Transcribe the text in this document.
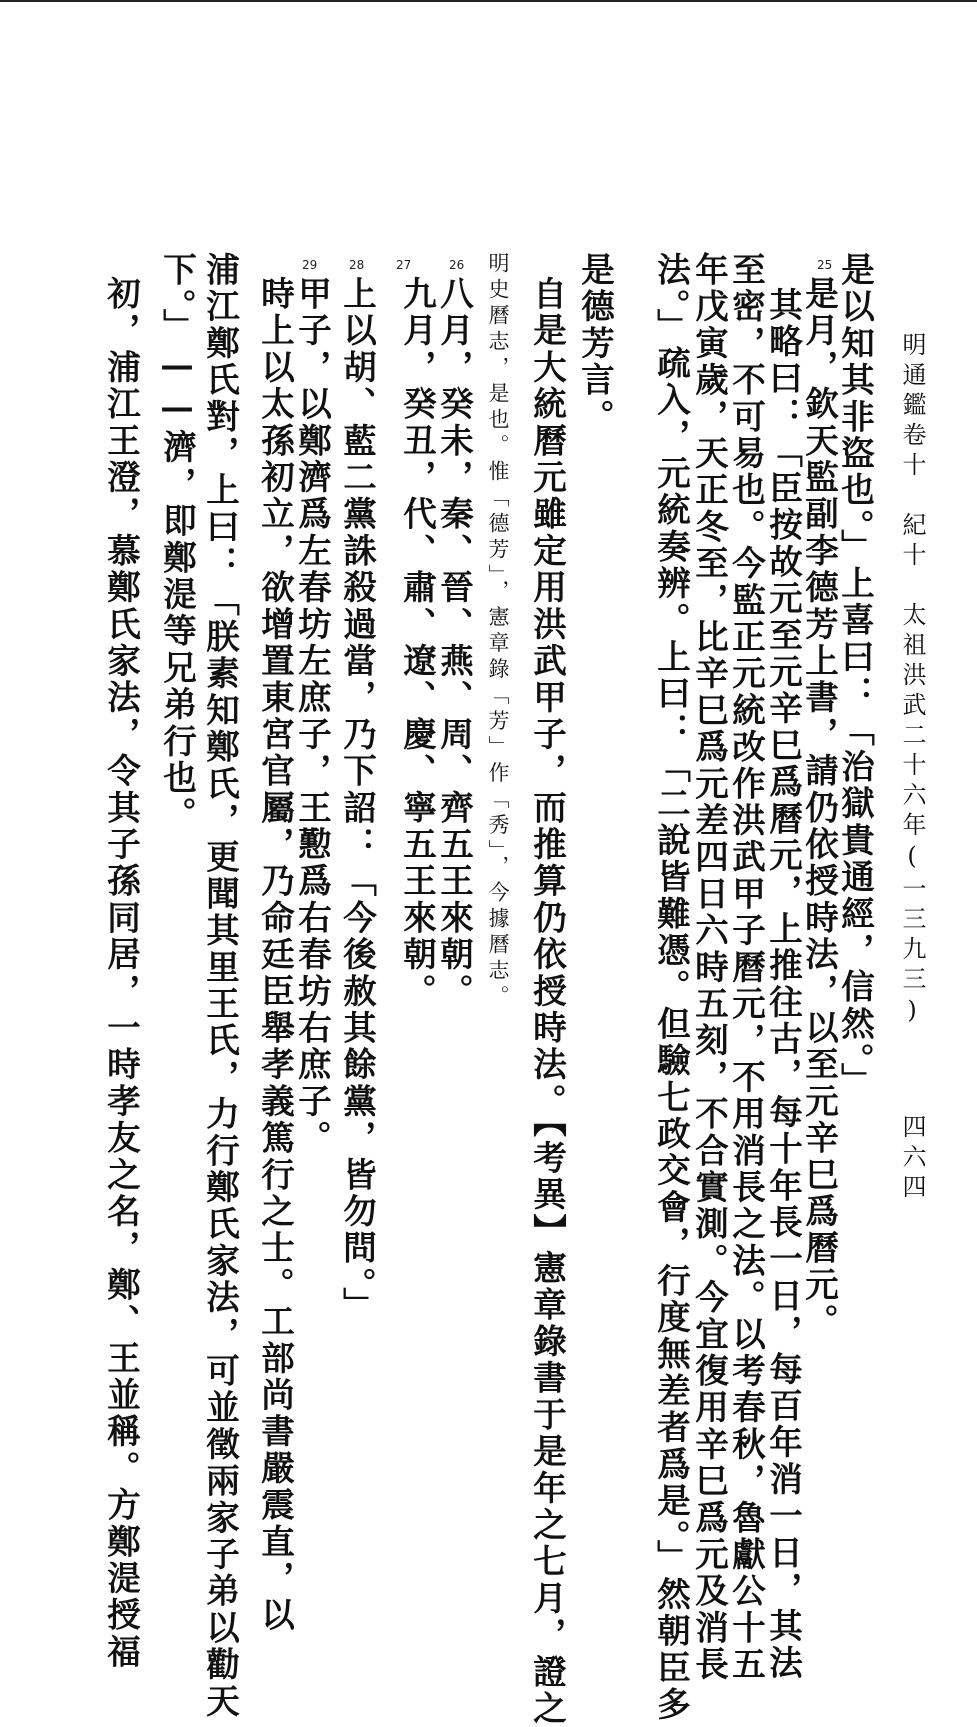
明通鑑卷十　紀十　太祖洪武二十六年(一三九三)
四六四
是以知其非盜也。」上喜曰：「治獄貴通經，信然。」
25
是月，欽天監副李德芳上書，請仍依授時法，以至元辛巳爲曆元。
其略曰：「臣按故元至元辛巳爲曆元，上推往古，每十年長一日，每百年消一日，其法
至密，不可易也。今監正元統改作洪武甲子曆元，不用消長之法。以考春秋，魯獻公十五
年戊寅歲，天正冬至，比辛巳爲元差四日六時五刻，不合實測。今宜復用辛巳爲元及消長
法。」疏入，元統奏辨。上曰：「二說皆難憑。但驗七政交會，行度無差者爲是。」然朝臣多
是德芳言。
自是大統曆元雖定用洪武甲子，而推算仍依授時法。【考異】憲章錄書于是年之七月，證之
明史曆志，是也。惟「德芳」，憲章錄「芳」作「秀」，今據曆志。
26
八月，癸未，秦、晉、燕、周、齊五王來朝。
27
九月，癸丑，代、肅、遼、慶、寧五王來朝。
28
上以胡、藍二黨誅殺過當，乃下詔：「今後赦其餘黨，皆勿問。」
29
甲子，以鄭濟爲左春坊左庶子，王懃爲右春坊右庶子。
時上以太孫初立，欲增置東宮官屬，乃命廷臣舉孝義篤行之士。工部尚書嚴震直，以
浦江鄭氏對，上曰：「朕素知鄭氏，更聞其里王氏，力行鄭氏家法，可並徵兩家子弟以勸天
下。」——濟，即鄭湜等兄弟行也。
初，浦江王澄，慕鄭氏家法，令其子孫同居，一時孝友之名，鄭、王並稱。方鄭湜授福
